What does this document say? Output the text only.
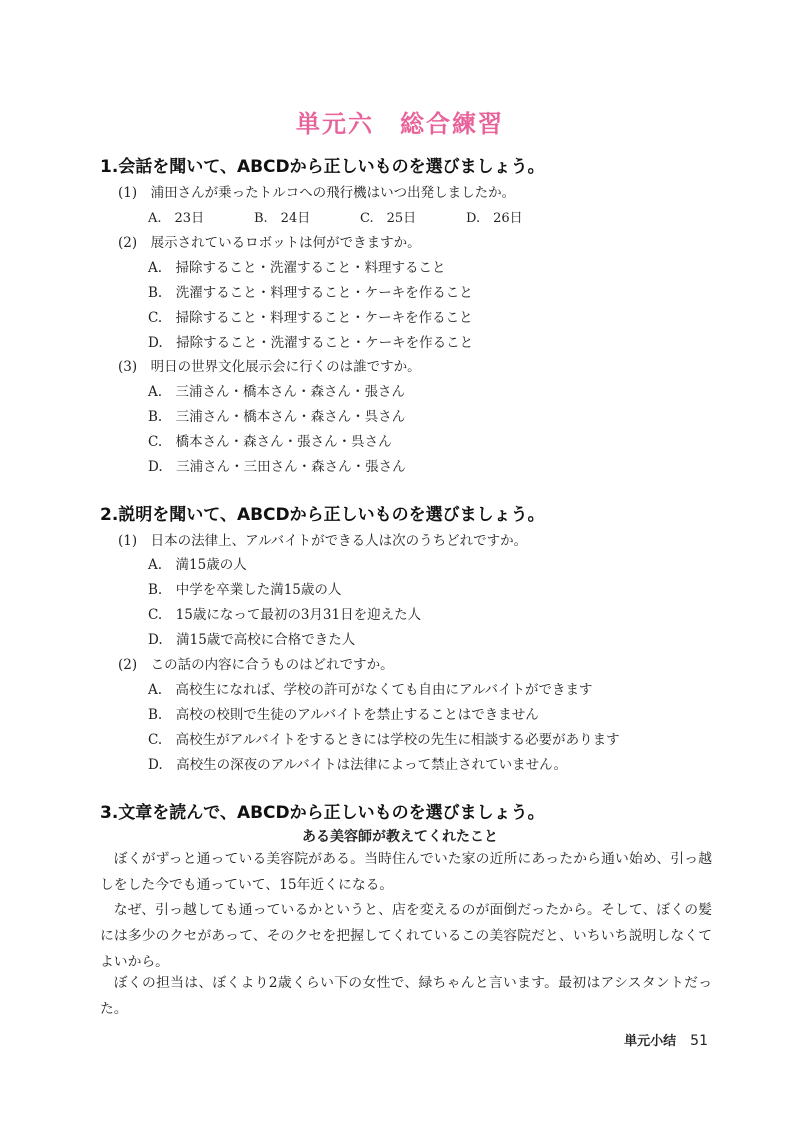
単元六　総合練習
1.会話を聞いて、ABCDから正しいものを選びましょう。
(1)　浦田さんが乗ったトルコへの飛行機はいつ出発しましたか。
A.　23日	B.　24日	C.　25日	D.　26日
(2)　展示されているロボットは何ができますか。
A.　掃除すること・洗濯すること・料理すること
B.　洗濯すること・料理すること・ケーキを作ること
C.　掃除すること・料理すること・ケーキを作ること
D.　掃除すること・洗濯すること・ケーキを作ること
(3)　明日の世界文化展示会に行くのは誰ですか。
A.　三浦さん・橋本さん・森さん・張さん
B.　三浦さん・橋本さん・森さん・呉さん
C.　橋本さん・森さん・張さん・呉さん
D.　三浦さん・三田さん・森さん・張さん
2.説明を聞いて、ABCDから正しいものを選びましょう。
(1)　日本の法律上、アルバイトができる人は次のうちどれですか。
A.　満15歳の人
B.　中学を卒業した満15歳の人
C.　15歳になって最初の3月31日を迎えた人
D.　満15歳で高校に合格できた人
(2)　この話の内容に合うものはどれですか。
A.　高校生になれば、学校の許可がなくても自由にアルバイトができます
B.　高校の校則で生徒のアルバイトを禁止することはできません
C.　高校生がアルバイトをするときには学校の先生に相談する必要があります
D.　高校生の深夜のアルバイトは法律によって禁止されていません。
3.文章を読んで、ABCDから正しいものを選びましょう。
ある美容師が教えてくれたこと
ぼくがずっと通っている美容院がある。当時住んでいた家の近所にあったから通い始め、引っ越しをした今でも通っていて、15年近くになる。
なぜ、引っ越しても通っているかというと、店を変えるのが面倒だったから。そして、ぼくの髪には多少のクセがあって、そのクセを把握してくれているこの美容院だと、いちいち説明しなくてよいから。
ぼくの担当は、ぼくより2歳くらい下の女性で、緑ちゃんと言います。最初はアシスタントだった。
単元小结 51
